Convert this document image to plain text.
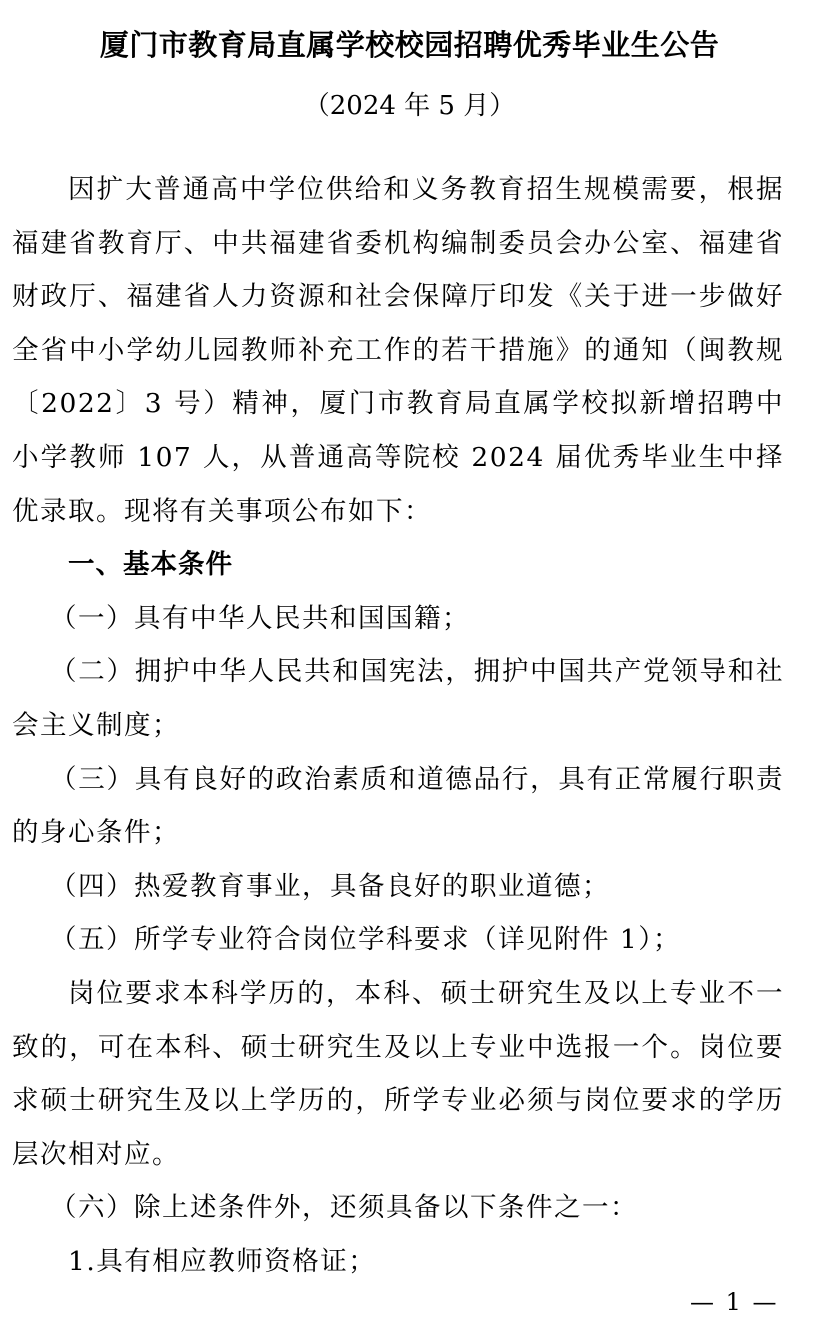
厦门市教育局直属学校校园招聘优秀毕业生公告
（2024 年 5 月）

因扩大普通高中学位供给和义务教育招生规模需要，根据福建省教育厅、中共福建省委机构编制委员会办公室、福建省财政厅、福建省人力资源和社会保障厅印发《关于进一步做好全省中小学幼儿园教师补充工作的若干措施》的通知（闽教规〔2022〕3 号）精神，厦门市教育局直属学校拟新增招聘中小学教师 107 人，从普通高等院校 2024 届优秀毕业生中择优录取。现将有关事项公布如下：

一、基本条件

（一）具有中华人民共和国国籍；

（二）拥护中华人民共和国宪法，拥护中国共产党领导和社会主义制度；

（三）具有良好的政治素质和道德品行，具有正常履行职责的身心条件；

（四）热爱教育事业，具备良好的职业道德；

（五）所学专业符合岗位学科要求（详见附件 1）；

岗位要求本科学历的，本科、硕士研究生及以上专业不一致的，可在本科、硕士研究生及以上专业中选报一个。岗位要求硕士研究生及以上学历的，所学专业必须与岗位要求的学历层次相对应。

（六）除上述条件外，还须具备以下条件之一：

1.具有相应教师资格证；

— 1 —
